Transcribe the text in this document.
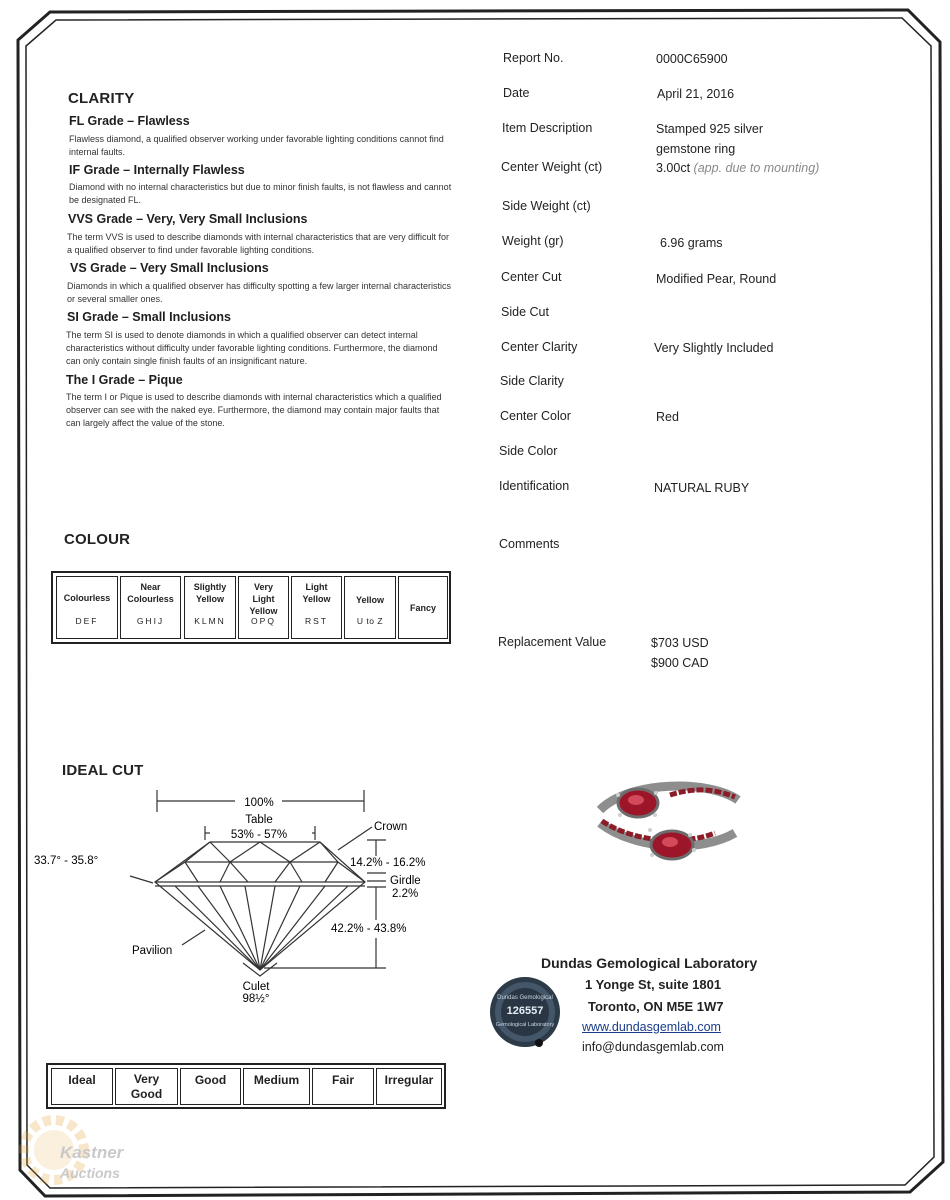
CLARITY
FL Grade – Flawless
Flawless diamond, a qualified observer working under favorable lighting conditions cannot find internal faults.
IF Grade – Internally Flawless
Diamond with no internal characteristics but due to minor finish faults, is not flawless and cannot be designated FL.
VVS Grade – Very, Very Small Inclusions
The term VVS is used to describe diamonds with internal characteristics that are very difficult for a qualified observer to find under favorable lighting conditions.
VS Grade – Very Small Inclusions
Diamonds in which a qualified observer has difficulty spotting a few larger internal characteristics or several smaller ones.
SI Grade – Small Inclusions
The term SI is used to denote diamonds in which a qualified observer can detect internal characteristics without difficulty under favorable lighting conditions. Furthermore, the diamond can only contain single finish faults of an insignificant nature.
The I Grade – Pique
The term I or Pique is used to describe diamonds with internal characteristics which a qualified observer can see with the naked eye. Furthermore, the diamond may contain major faults that can largely affect the value of the stone.
COLOUR
Colourless
DEF
Near Colourless
GHIJ
Slightly Yellow
KLMN
Very Light Yellow
OPQ
Light Yellow
RST
Yellow
U to Z
Fancy
IDEAL CUT
100%
Table
53% - 57%
Crown
33.7° - 35.8°	14.2% - 16.2%
Girdle
2.2%
42.2% - 43.8%
Pavilion
Culet
98½°
Ideal	Very Good
Good	Medium	Fair	Irregular
Report No.	0000C65900
Date	April 21, 2016
Item Description	Stamped 925 silver
gemstone ring
Center Weight (ct)	3.00ct (app. due to mounting)
Side Weight (ct)
Weight (gr)	6.96 grams
Center Cut	Modified Pear, Round
Side Cut
Center Clarity	Very Slightly Included
Side Clarity
Center Color	Red
Side Color
Identification	NATURAL RUBY
Comments
Replacement Value	$703 USD
$900 CAD
Dundas Gemological
126557
Gemological Laboratory
Dundas Gemological Laboratory
1 Yonge St, suite 1801
Toronto, ON M5E 1W7
www.dundasgemlab.com
info@dundasgemlab.com
Kastner
Auctions
